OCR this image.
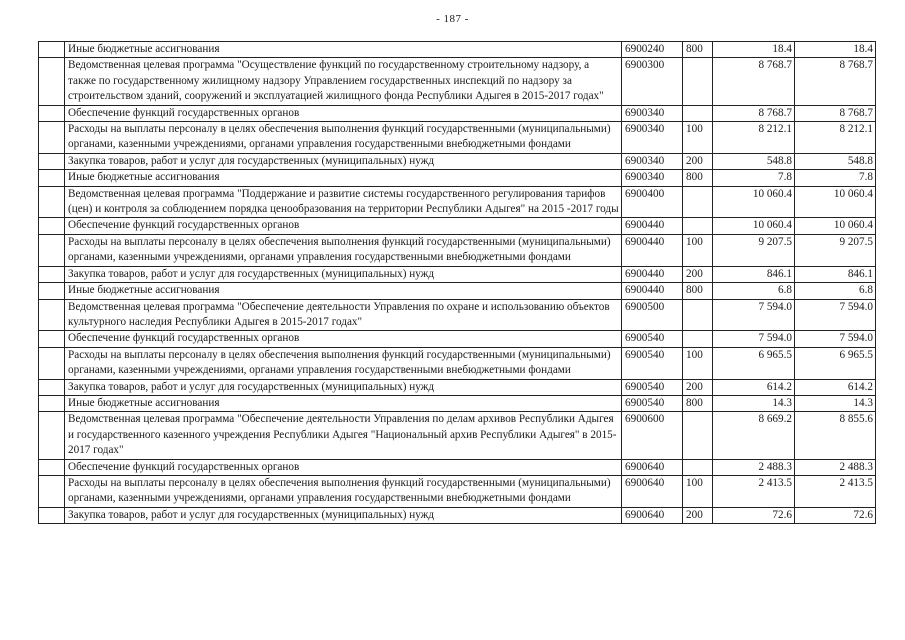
- 187 -
	Иные бюджетные ассигнования	6900240	800	18.4	18.4
	Ведомственная целевая программа "Осуществление функций по государственному строительному надзору, а также по государственному жилищному надзору Управлением государственных инспекций по надзору за строительством зданий, сооружений и эксплуатацией жилищного фонда Республики Адыгея в 2015-2017 годах"	6900300		8 768.7	8 768.7
	Обеспечение функций государственных органов	6900340		8 768.7	8 768.7
	Расходы на выплаты персоналу в целях обеспечения выполнения функций государственными (муниципальными) органами, казенными учреждениями, органами управления государственными внебюджетными фондами	6900340	100	8 212.1	8 212.1
	Закупка товаров, работ и услуг для государственных (муниципальных) нужд	6900340	200	548.8	548.8
	Иные бюджетные ассигнования	6900340	800	7.8	7.8
	Ведомственная целевая программа "Поддержание и развитие системы государственного регулирования тарифов (цен) и контроля за соблюдением порядка ценообразования на территории Республики Адыгея" на 2015 -2017 годы	6900400		10 060.4	10 060.4
	Обеспечение функций государственных органов	6900440		10 060.4	10 060.4
	Расходы на выплаты персоналу в целях обеспечения выполнения функций государственными (муниципальными) органами, казенными учреждениями, органами управления государственными внебюджетными фондами	6900440	100	9 207.5	9 207.5
	Закупка товаров, работ и услуг для государственных (муниципальных) нужд	6900440	200	846.1	846.1
	Иные бюджетные ассигнования	6900440	800	6.8	6.8
	Ведомственная целевая программа "Обеспечение деятельности Управления по охране и использованию объектов культурного наследия Республики Адыгея в 2015-2017 годах"	6900500		7 594.0	7 594.0
	Обеспечение функций государственных органов	6900540		7 594.0	7 594.0
	Расходы на выплаты персоналу в целях обеспечения выполнения функций государственными (муниципальными) органами, казенными учреждениями, органами управления государственными внебюджетными фондами	6900540	100	6 965.5	6 965.5
	Закупка товаров, работ и услуг для государственных (муниципальных) нужд	6900540	200	614.2	614.2
	Иные бюджетные ассигнования	6900540	800	14.3	14.3
	Ведомственная целевая программа "Обеспечение деятельности Управления по делам архивов Республики Адыгея и государственного казенного учреждения Республики Адыгея "Национальный архив Республики Адыгея" в 2015-2017 годах"	6900600		8 669.2	8 855.6
	Обеспечение функций государственных органов	6900640		2 488.3	2 488.3
	Расходы на выплаты персоналу в целях обеспечения выполнения функций государственными (муниципальными) органами, казенными учреждениями, органами управления государственными внебюджетными фондами	6900640	100	2 413.5	2 413.5
	Закупка товаров, работ и услуг для государственных (муниципальных) нужд	6900640	200	72.6	72.6
